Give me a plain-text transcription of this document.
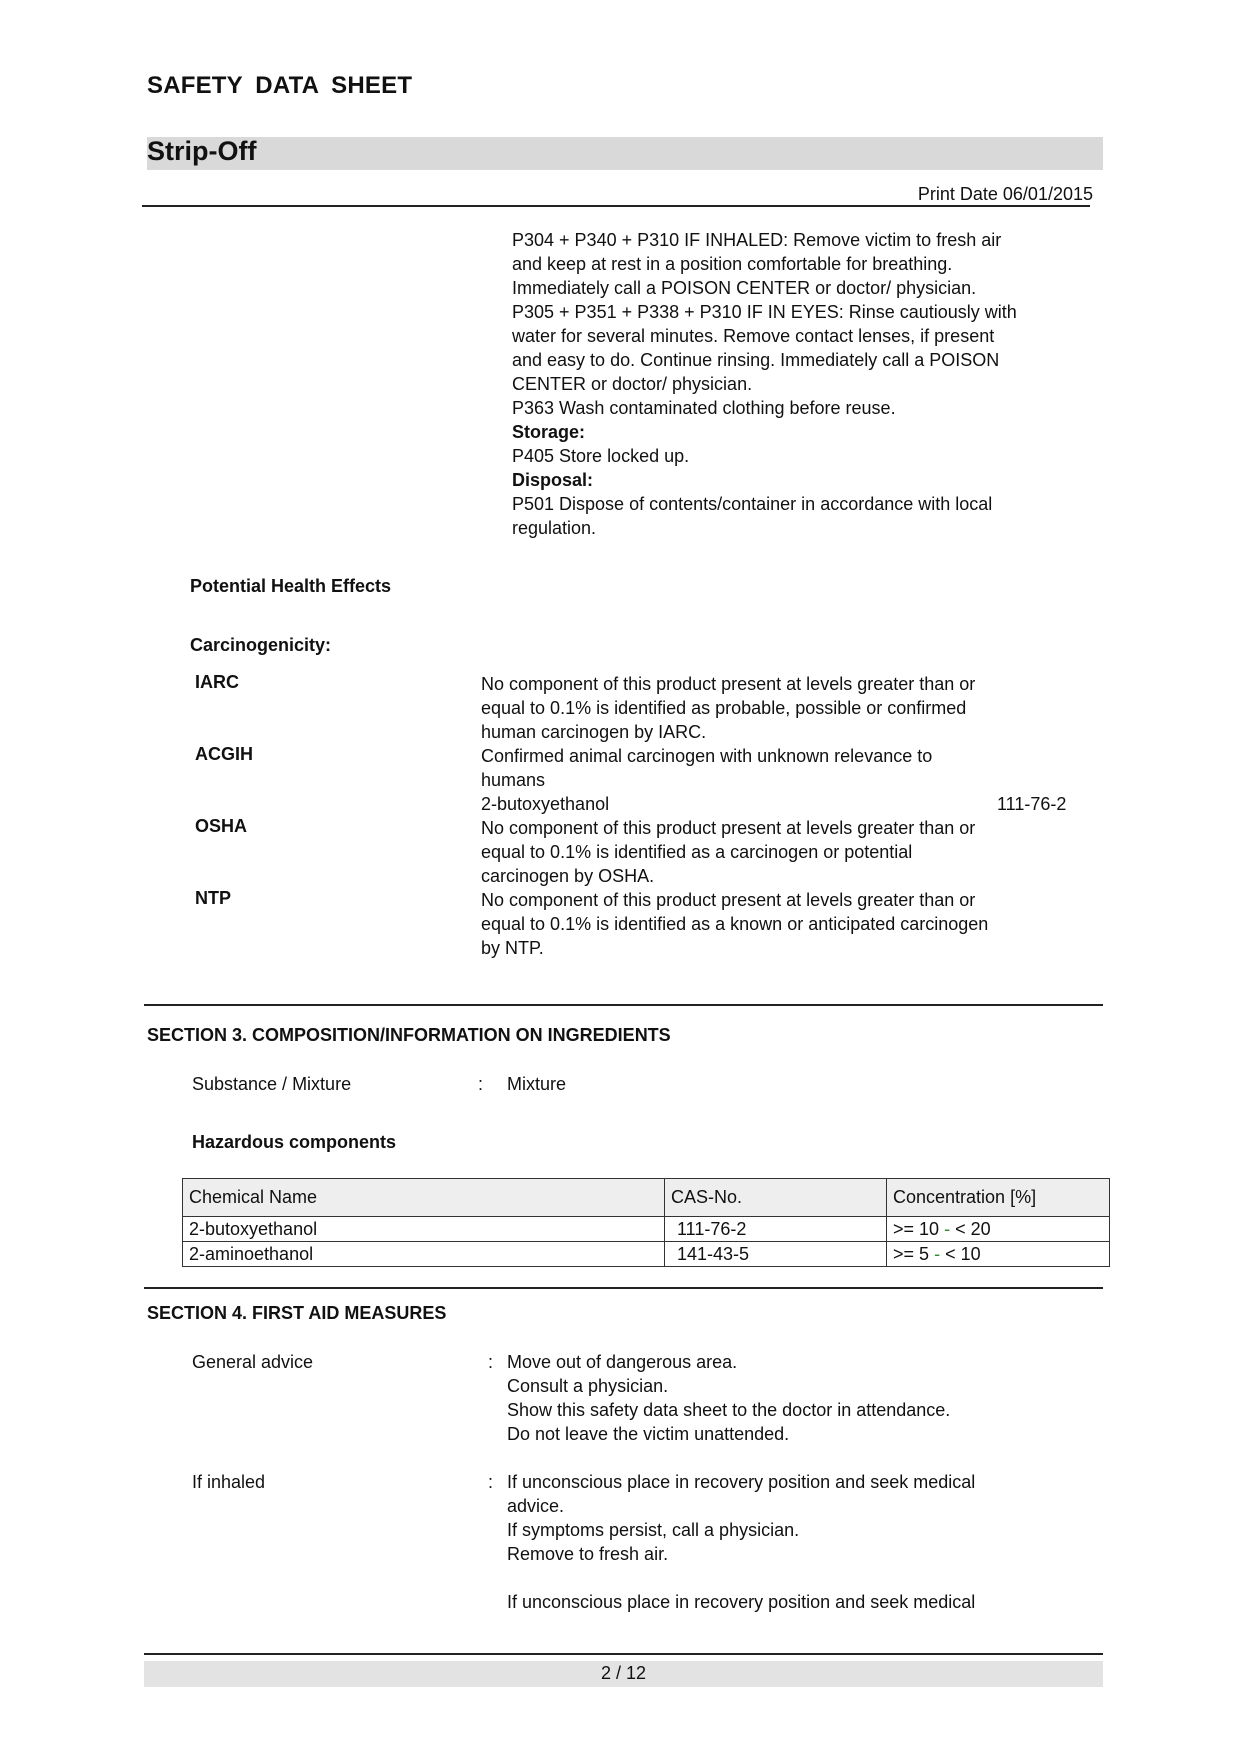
SAFETY DATA SHEET
Strip-Off
Print Date 06/01/2015
P304 + P340 + P310 IF INHALED: Remove victim to fresh air
and keep at rest in a position comfortable for breathing.
Immediately call a POISON CENTER or doctor/ physician.
P305 + P351 + P338 + P310 IF IN EYES: Rinse cautiously with
water for several minutes. Remove contact lenses, if present
and easy to do. Continue rinsing. Immediately call a POISON
CENTER or doctor/ physician.
P363 Wash contaminated clothing before reuse.
Storage:
P405 Store locked up.
Disposal:
P501 Dispose of contents/container in accordance with local
regulation.
Potential Health Effects
Carcinogenicity:
IARC	No component of this product present at levels greater than or
equal to 0.1% is identified as probable, possible or confirmed
human carcinogen by IARC.
ACGIH	Confirmed animal carcinogen with unknown relevance to
humans
2-butoxyethanol	111-76-2
OSHA	No component of this product present at levels greater than or
equal to 0.1% is identified as a carcinogen or potential
carcinogen by OSHA.
NTP	No component of this product present at levels greater than or
equal to 0.1% is identified as a known or anticipated carcinogen
by NTP.
SECTION 3. COMPOSITION/INFORMATION ON INGREDIENTS
Substance / Mixture	: Mixture
Hazardous components
Chemical Name	CAS-No.	Concentration [%]
2-butoxyethanol	111-76-2	>= 10 - < 20
2-aminoethanol	141-43-5	>= 5 - < 10
SECTION 4. FIRST AID MEASURES
General advice	: Move out of dangerous area.
Consult a physician.
Show this safety data sheet to the doctor in attendance.
Do not leave the victim unattended.
If inhaled	: If unconscious place in recovery position and seek medical
advice.
If symptoms persist, call a physician.
Remove to fresh air.
If unconscious place in recovery position and seek medical
2 / 12
